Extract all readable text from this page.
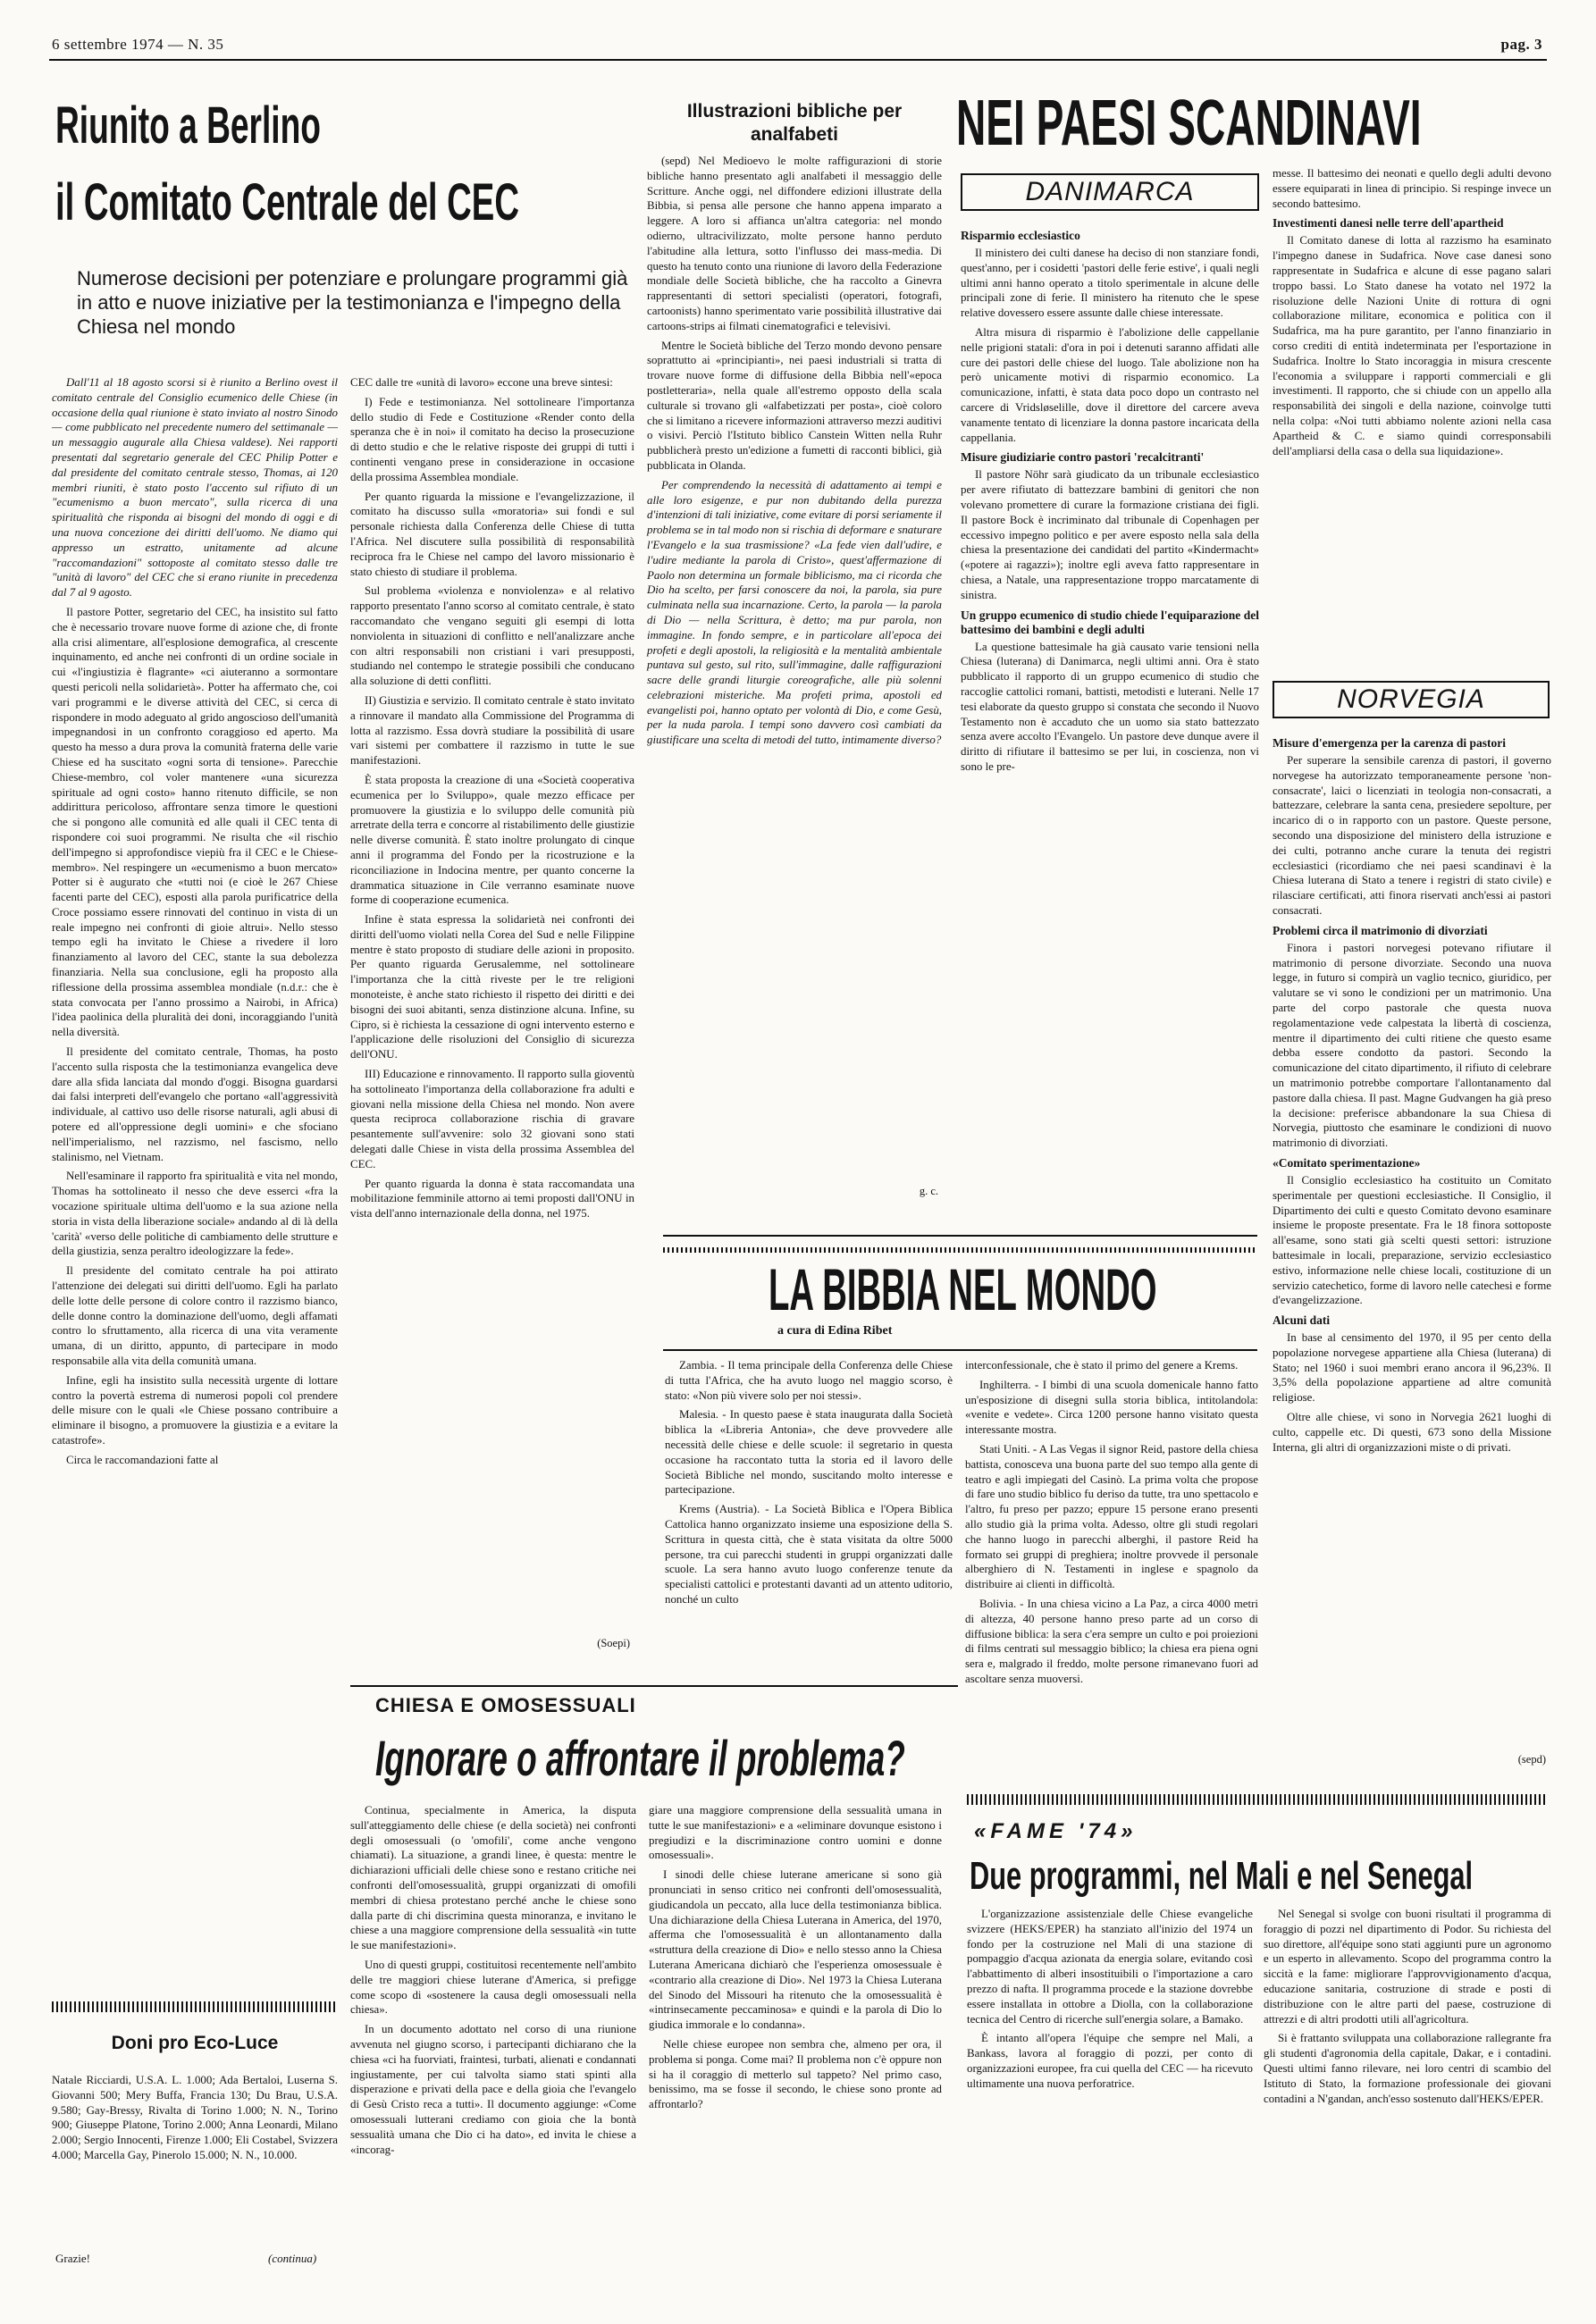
6 settembre 1974 — N. 35	pag. 3
Riunito a Berlino
il Comitato Centrale del CEC
Numerose decisioni per potenziare e prolungare programmi già in atto e nuove iniziative per la testimonianza e l'impegno della Chiesa nel mondo

Dall'11 al 18 agosto scorsi si è riunito a Berlino ovest il comitato centrale del Consiglio ecumenico delle Chiese (in occasione della qual riunione è stato inviato al nostro Sinodo — come pubblicato nel precedente numero del settimanale — un messaggio augurale alla Chiesa valdese). Nei rapporti presentati dal segretario generale del CEC Philip Potter e dal presidente del comitato centrale stesso, Thomas, ai 120 membri riuniti, è stato posto l'accento sul rifiuto di un "ecumenismo a buon mercato", sulla ricerca di una spiritualità che risponda ai bisogni del mondo di oggi e di una nuova concezione dei diritti dell'uomo. Ne diamo qui appresso un estratto, unitamente ad alcune "raccomandazioni" sottoposte al comitato stesso dalle tre "unità di lavoro" del CEC che si erano riunite in precedenza dal 7 al 9 agosto.

Il pastore Potter, segretario del CEC, ha insistito sul fatto che è necessario trovare nuove forme di azione che, di fronte alla crisi alimentare, all'esplosione demografica, al crescente inquinamento, ed anche nei confronti di un ordine sociale in cui «l'ingiustizia è flagrante» «ci aiuteranno a sormontare questi pericoli nella solidarietà». Potter ha affermato che, coi vari programmi e le diverse attività del CEC, si cerca di rispondere in modo adeguato al grido angoscioso dell'umanità impegnandosi in un confronto coraggioso ed aperto. Ma questo ha messo a dura prova la comunità fraterna delle varie Chiese ed ha suscitato «ogni sorta di tensione». Parecchie Chiese-membro, col voler mantenere «una sicurezza spirituale ad ogni costo» hanno ritenuto difficile, se non addirittura pericoloso, affrontare senza timore le questioni che si pongono alle comunità ed alle quali il CEC tenta di rispondere coi suoi programmi. Ne risulta che «il rischio dell'impegno si approfondisce viepiù fra il CEC e le Chiese-membro». Nel respingere un «ecumenismo a buon mercato» Potter si è augurato che «tutti noi (e cioè le 267 Chiese facenti parte del CEC), esposti alla parola purificatrice della Croce possiamo essere rinnovati del continuo in vista di un reale impegno nei confronti di gioie altrui». Nello stesso tempo egli ha invitato le Chiese a rivedere il loro finanziamento al lavoro del CEC, stante la sua debolezza finanziaria. Nella sua conclusione, egli ha proposto alla riflessione della prossima assemblea mondiale (n.d.r.: che è stata convocata per l'anno prossimo a Nairobi, in Africa) l'idea paolinica della pluralità dei doni, incoraggiando l'unità nella diversità.

Il presidente del comitato centrale, Thomas, ha posto l'accento sulla risposta che la testimonianza evangelica deve dare alla sfida lanciata dal mondo d'oggi. Bisogna guardarsi dai falsi interpreti dell'evangelo che portano «all'aggressività individuale, al cattivo uso delle risorse naturali, agli abusi di potere ed all'oppressione degli uomini» e che sfociano nell'imperialismo, nel razzismo, nel fascismo, nello stalinismo, nel Vietnam.

Nell'esaminare il rapporto fra spiritualità e vita nel mondo, Thomas ha sottolineato il nesso che deve esserci «fra la vocazione spirituale ultima dell'uomo e la sua azione nella storia in vista della liberazione sociale» andando al di là della 'carità' «verso delle politiche di cambiamento delle strutture e della giustizia, senza peraltro ideologizzare la fede».

Il presidente del comitato centrale ha poi attirato l'attenzione dei delegati sui diritti dell'uomo. Egli ha parlato delle lotte delle persone di colore contro il razzismo bianco, delle donne contro la dominazione dell'uomo, degli affamati contro lo sfruttamento, alla ricerca di una vita veramente umana, di un diritto, appunto, di partecipare in modo responsabile alla vita della comunità umana.

Infine, egli ha insistito sulla necessità urgente di lottare contro la povertà estrema di numerosi popoli col prendere delle misure con le quali «le Chiese possano contribuire a eliminare il bisogno, a promuovere la giustizia e a evitare la catastrofe».

Circa le raccomandazioni fatte al

CEC dalle tre «unità di lavoro» eccone una breve sintesi:

I) Fede e testimonianza. Nel sottolineare l'importanza dello studio di Fede e Costituzione «Render conto della speranza che è in noi» il comitato ha deciso la prosecuzione di detto studio e che le relative risposte dei gruppi di tutti i continenti vengano prese in considerazione in occasione della prossima Assemblea mondiale.

Per quanto riguarda la missione e l'evangelizzazione, il comitato ha discusso sulla «moratoria» sui fondi e sul personale richiesta dalla Conferenza delle Chiese di tutta l'Africa. Nel discutere sulla possibilità di responsabilità reciproca fra le Chiese nel campo del lavoro missionario è stato chiesto di studiare il problema.

Sul problema «violenza e nonviolenza» e al relativo rapporto presentato l'anno scorso al comitato centrale, è stato raccomandato che vengano seguiti gli esempi di lotta nonviolenta in situazioni di conflitto e nell'analizzare anche con altri responsabili non cristiani i vari presupposti, studiando nel contempo le strategie possibili che conducano alla soluzione di detti conflitti.

II) Giustizia e servizio. Il comitato centrale è stato invitato a rinnovare il mandato alla Commissione del Programma di lotta al razzismo. Essa dovrà studiare la possibilità di usare vari sistemi per combattere il razzismo in tutte le sue manifestazioni.

È stata proposta la creazione di una «Società cooperativa ecumenica per lo Sviluppo», quale mezzo efficace per promuovere la giustizia e lo sviluppo delle comunità più arretrate della terra e concorre al ristabilimento delle giustizie nelle diverse comunità. È stato inoltre prolungato di cinque anni il programma del Fondo per la ricostruzione e la riconciliazione in Indocina mentre, per quanto concerne la drammatica situazione in Cile verranno esaminate nuove forme di cooperazione ecumenica.

Infine è stata espressa la solidarietà nei confronti dei diritti dell'uomo violati nella Corea del Sud e nelle Filippine mentre è stato proposto di studiare delle azioni in proposito. Per quanto riguarda Gerusalemme, nel sottolineare l'importanza che la città riveste per le tre religioni monoteiste, è anche stato richiesto il rispetto dei diritti e dei bisogni dei suoi abitanti, senza distinzione alcuna. Infine, su Cipro, si è richiesta la cessazione di ogni intervento esterno e l'applicazione delle risoluzioni del Consiglio di sicurezza dell'ONU.

III) Educazione e rinnovamento. Il rapporto sulla gioventù ha sottolineato l'importanza della collaborazione fra adulti e giovani nella missione della Chiesa nel mondo. Non avere questa reciproca collaborazione rischia di gravare pesantemente sull'avvenire: solo 32 giovani sono stati delegati dalle Chiese in vista della prossima Assemblea del CEC.

Per quanto riguarda la donna è stata raccomandata una mobilitazione femminile attorno ai temi proposti dall'ONU in vista dell'anno internazionale della donna, nel 1975.

(Soepi)
Doni pro Eco-Luce

Natale Ricciardi, U.S.A. L. 1.000; Ada Bertaloi, Luserna S. Giovanni 500; Mery Buffa, Francia 130; Du Brau, U.S.A. 9.580; Gay-Bressy, Rivalta di Torino 1.000; N. N., Torino 900; Giuseppe Platone, Torino 2.000; Anna Leonardi, Milano 2.000; Sergio Innocenti, Firenze 1.000; Eli Costabel, Svizzera 4.000; Marcella Gay, Pinerolo 15.000; N. N., 10.000.

Grazie!	(continua)
Illustrazioni bibliche per analfabeti

(sepd) Nel Medioevo le molte raffigurazioni di storie bibliche hanno presentato agli analfabeti il messaggio delle Scritture. Anche oggi, nel diffondere edizioni illustrate della Bibbia, si pensa alle persone che hanno appena imparato a leggere. A loro si affianca un'altra categoria: nel mondo odierno, ultracivilizzato, molte persone hanno perduto l'abitudine alla lettura, sotto l'influsso dei mass-media. Di questo ha tenuto conto una riunione di lavoro della Federazione mondiale delle Società bibliche, che ha raccolto a Ginevra rappresentanti di settori specialisti (operatori, fotografi, cartoonists) hanno sperimentato varie possibilità illustrative dai cartoons-strips ai filmati cinematografici e televisivi.

Mentre le Società bibliche del Terzo mondo devono pensare soprattutto ai «principianti», nei paesi industriali si tratta di trovare nuove forme di diffusione della Bibbia nell'«epoca postletteraria», nella quale all'estremo opposto della scala culturale si trovano gli «alfabetizzati per posta», cioè coloro che si limitano a ricevere informazioni attraverso mezzi auditivi o visivi. Perciò l'Istituto biblico Canstein Witten nella Ruhr pubblicherà presto un'edizione a fumetti di racconti biblici, già pubblicata in Olanda.

Per comprendendo la necessità di adattamento ai tempi e alle loro esigenze, e pur non dubitando della purezza d'intenzioni di tali iniziative, come evitare di porsi seriamente il problema se in tal modo non si rischia di deformare e snaturare l'Evangelo e la sua trasmissione? «La fede vien dall'udire, e l'udire mediante la parola di Cristo», quest'affermazione di Paolo non determina un formale biblicismo, ma ci ricorda che Dio ha scelto, per farsi conoscere da noi, la parola, sia pure culminata nella sua incarnazione. Certo, la parola — la parola di Dio — nella Scrittura, è detto; ma pur parola, non immagine. In fondo sempre, e in particolare all'epoca dei profeti e degli apostoli, la religiosità e la mentalità ambientale puntava sul gesto, sul rito, sull'immagine, dalle raffigurazioni sacre delle grandi liturgie coreografiche, alle più solenni celebrazioni misteriche. Ma profeti prima, apostoli ed evangelisti poi, hanno optato per volontà di Dio, e come Gesù, per la nuda parola. I tempi sono davvero così cambiati da giustificare una scelta di metodi del tutto, intimamente diverso?

g. c.
NEI PAESI SCANDINAVI
DANIMARCA
Risparmio ecclesiastico

Il ministero dei culti danese ha deciso di non stanziare fondi, quest'anno, per i cosidetti 'pastori delle ferie estive', i quali negli ultimi anni hanno operato a titolo sperimentale in alcune delle principali zone di ferie. Il ministero ha ritenuto che le spese relative dovessero essere assunte dalle chiese interessate.

Altra misura di risparmio è l'abolizione delle cappellanie nelle prigioni statali: d'ora in poi i detenuti saranno affidati alle cure dei pastori delle chiese del luogo. Tale abolizione non ha però unicamente motivi di risparmio economico. La comunicazione, infatti, è stata data poco dopo un contrasto nel carcere di Vridsløselille, dove il direttore del carcere aveva vanamente tentato di licenziare la donna pastore incaricata della cappellania.

Misure giudiziarie contro pastori 'recalcitranti'

Il pastore Nöhr sarà giudicato da un tribunale ecclesiastico per avere rifiutato di battezzare bambini di genitori che non volevano promettere di curare la formazione cristiana dei figli. Il pastore Bock è incriminato dal tribunale di Copenhagen per eccessivo impegno politico e per avere esposto nella sala della chiesa la presentazione dei candidati del partito «Kindermacht» («potere ai ragazzi»); inoltre egli aveva fatto rappresentare in chiesa, a Natale, una rappresentazione troppo marcatamente di sinistra.

Un gruppo ecumenico di studio chiede l'equiparazione del battesimo dei bambini e degli adulti

La questione battesimale ha già causato varie tensioni nella Chiesa (luterana) di Danimarca, negli ultimi anni. Ora è stato pubblicato il rapporto di un gruppo ecumenico di studio che raccoglie cattolici romani, battisti, metodisti e luterani. Nelle 17 tesi elaborate da questo gruppo si constata che secondo il Nuovo Testamento non è accaduto che un uomo sia stato battezzato senza avere accolto l'Evangelo. Un pastore deve dunque avere il diritto di rifiutare il battesimo se per lui, in coscienza, non vi sono le pre-

messe. Il battesimo dei neonati e quello degli adulti devono essere equiparati in linea di principio. Si respinge invece un secondo battesimo.

Investimenti danesi nelle terre dell'apartheid

Il Comitato danese di lotta al razzismo ha esaminato l'impegno danese in Sudafrica. Nove case danesi sono rappresentate in Sudafrica e alcune di esse pagano salari troppo bassi. Lo Stato danese ha votato nel 1972 la risoluzione delle Nazioni Unite di rottura di ogni collaborazione militare, economica e politica con il Sudafrica, ma ha pure garantito, per l'anno finanziario in corso crediti di entità indeterminata per l'esportazione in Sudafrica. Inoltre lo Stato incoraggia in misura crescente l'economia a sviluppare i rapporti commerciali e gli investimenti. Il rapporto, che si chiude con un appello alla responsabilità dei singoli e della nazione, coinvolge tutti nella colpa: «Noi tutti abbiamo nolente azioni nella casa Apartheid & C. e siamo quindi corresponsabili dell'ampliarsi della casa o della sua liquidazione».

NORVEGIA
Misure d'emergenza per la carenza di pastori

Per superare la sensibile carenza di pastori, il governo norvegese ha autorizzato temporaneamente persone 'non-consacrate', laici o licenziati in teologia non-consacrati, a battezzare, celebrare la santa cena, presiedere sepolture, per incarico di o in rapporto con un pastore. Queste persone, secondo una disposizione del ministero della istruzione e dei culti, potranno anche curare la tenuta dei registri ecclesiastici (ricordiamo che nei paesi scandinavi è la Chiesa luterana di Stato a tenere i registri di stato civile) e rilasciare certificati, atti finora riservati anch'essi ai pastori consacrati.

Problemi circa il matrimonio di divorziati

Finora i pastori norvegesi potevano rifiutare il matrimonio di persone divorziate. Secondo una nuova legge, in futuro si compirà un vaglio tecnico, giuridico, per valutare se vi sono le condizioni per un matrimonio. Una parte del corpo pastorale che questa nuova regolamentazione vede calpestata la libertà di coscienza, mentre il dipartimento dei culti ritiene che questo esame debba essere condotto da pastori. Secondo la comunicazione del citato dipartimento, il rifiuto di celebrare un matrimonio potrebbe comportare l'allontanamento dal pastore dalla chiesa. Il past. Magne Gudvangen ha già preso la decisione: preferisce abbandonare la sua Chiesa di Norvegia, piuttosto che esaminare le condizioni di nuovo matrimonio di divorziati.

«Comitato sperimentazione»

Il Consiglio ecclesiastico ha costituito un Comitato sperimentale per questioni ecclesiastiche. Il Consiglio, il Dipartimento dei culti e questo Comitato devono esaminare insieme le proposte presentate. Fra le 18 finora sottoposte all'esame, sono stati già scelti questi settori: istruzione battesimale in locali, preparazione, servizio ecclesiastico estivo, informazione nelle chiese locali, costituzione di un servizio catechetico, forme di lavoro nelle catechesi e forme d'evangelizzazione.

Alcuni dati

In base al censimento del 1970, il 95 per cento della popolazione norvegese appartiene alla Chiesa (luterana) di Stato; nel 1960 i suoi membri erano ancora il 96,23%. Il 3,5% della popolazione appartiene ad altre comunità religiose.

Oltre alle chiese, vi sono in Norvegia 2621 luoghi di culto, cappelle etc. Di questi, 673 sono della Missione Interna, gli altri di organizzazioni miste o di privati.

(sepd)
LA BIBBIA NEL MONDO
a cura di Edina Ribet

Zambia. - Il tema principale della Conferenza delle Chiese di tutta l'Africa, che ha avuto luogo nel maggio scorso, è stato: «Non più vivere solo per noi stessi».

Malesia. - In questo paese è stata inaugurata dalla Società biblica la «Libreria Antonia», che deve provvedere alle necessità delle chiese e delle scuole: il segretario in questa occasione ha raccontato tutta la storia ed il lavoro delle Società Bibliche nel mondo, suscitando molto interesse e partecipazione.

Krems (Austria). - La Società Biblica e l'Opera Biblica Cattolica hanno organizzato insieme una esposizione della S. Scrittura in questa città, che è stata visitata da oltre 5000 persone, tra cui parecchi studenti in gruppi organizzati dalle scuole. La sera hanno avuto luogo conferenze tenute da specialisti cattolici e protestanti davanti ad un attento uditorio, nonché un culto

interconfessionale, che è stato il primo del genere a Krems.

Inghilterra. - I bimbi di una scuola domenicale hanno fatto un'esposizione di disegni sulla storia biblica, intitolandola: «venite e vedete». Circa 1200 persone hanno visitato questa interessante mostra.

Stati Uniti. - A Las Vegas il signor Reid, pastore della chiesa battista, conosceva una buona parte del suo tempo alla gente di teatro e agli impiegati del Casinò. La prima volta che propose di fare uno studio biblico fu deriso da tutte, tra uno spettacolo e l'altro, fu preso per pazzo; eppure 15 persone erano presenti allo studio già la prima volta. Adesso, oltre gli studi regolari che hanno luogo in parecchi alberghi, il pastore Reid ha formato sei gruppi di preghiera; inoltre provvede il personale alberghiero di N. Testamenti in inglese e spagnolo da distribuire ai clienti in difficoltà.

Bolivia. - In una chiesa vicino a La Paz, a circa 4000 metri di altezza, 40 persone hanno preso parte ad un corso di diffusione biblica: la sera c'era sempre un culto e poi proiezioni di films centrati sul messaggio biblico; la chiesa era piena ogni sera e, malgrado il freddo, molte persone rimanevano fuori ad ascoltare senza muoversi.

CHIESA E OMOSESSUALI
Ignorare o affrontare il problema?

Continua, specialmente in America, la disputa sull'atteggiamento delle chiese (e della società) nei confronti degli omosessuali (o 'omofili', come anche vengono chiamati). La situazione, a grandi linee, è questa: mentre le dichiarazioni ufficiali delle chiese sono e restano critiche nei confronti dell'omosessualità, gruppi organizzati di omofili membri di chiesa protestano perché anche le chiese sono dalla parte di chi discrimina questa minoranza, e invitano le chiese a una maggiore comprensione della sessualità «in tutte le sue manifestazioni».

Uno di questi gruppi, costituitosi recentemente nell'ambito delle tre maggiori chiese luterane d'America, si prefigge come scopo di «sostenere la causa degli omosessuali nella chiesa».

In un documento adottato nel corso di una riunione avvenuta nel giugno scorso, i partecipanti dichiarano che la chiesa «ci ha fuorviati, fraintesi, turbati, alienati e condannati ingiustamente, per cui talvolta siamo stati spinti alla disperazione e privati della pace e della gioia che l'evangelo di Gesù Cristo reca a tutti». Il documento aggiunge: «Come omosessuali lutterani crediamo con gioia che la bontà sessualità umana che Dio ci ha dato», ed invita le chiese a «incorag-

giare una maggiore comprensione della sessualità umana in tutte le sue manifestazioni» e a «eliminare dovunque esistono i pregiudizi e la discriminazione contro uomini e donne omosessuali».

I sinodi delle chiese luterane americane si sono già pronunciati in senso critico nei confronti dell'omosessualità, giudicandola un peccato, alla luce della testimonianza biblica. Una dichiarazione della Chiesa Luterana in America, del 1970, afferma che l'omosessualità è un allontanamento dalla «struttura della creazione di Dio» e nello stesso anno la Chiesa Luterana Americana dichiarò che l'esperienza omosessuale è «contrario alla creazione di Dio». Nel 1973 la Chiesa Luterana del Sinodo del Missouri ha ritenuto che la omosessualità è «intrinsecamente peccaminosa» e quindi e la parola di Dio lo giudica immorale e lo condanna».

Nelle chiese europee non sembra che, almeno per ora, il problema si ponga. Come mai? Il problema non c'è oppure non si ha il coraggio di metterlo sul tappeto? Nel primo caso, benissimo, ma se fosse il secondo, le chiese sono pronte ad affrontarlo?

«FAME '74»
Due programmi, nel Mali e nel Senegal

L'organizzazione assistenziale delle Chiese evangeliche svizzere (HEKS/EPER) ha stanziato all'inizio del 1974 un fondo per la costruzione nel Mali di una stazione di pompaggio d'acqua azionata da energia solare, evitando così l'abbattimento di alberi insostituibili o l'importazione a caro prezzo di nafta. Il programma procede e la stazione dovrebbe essere installata in ottobre a Diolla, con la collaborazione tecnica del Centro di ricerche sull'energia solare, a Bamako.

È intanto all'opera l'équipe che sempre nel Mali, a Bankass, lavora al foraggio di pozzi, per conto di organizzazioni europee, fra cui quella del CEC — ha ricevuto ultimamente una nuova perforatrice.

Nel Senegal si svolge con buoni risultati il programma di foraggio di pozzi nel dipartimento di Podor. Su richiesta del suo direttore, all'équipe sono stati aggiunti pure un agronomo e un esperto in allevamento. Scopo del programma contro la siccità e la fame: migliorare l'approvvigionamento d'acqua, educazione sanitaria, costruzione di strade e posti di distribuzione con le altre parti del paese, costruzione di attrezzi e di altri prodotti utili all'agricoltura.

Si è frattanto sviluppata una collaborazione rallegrante fra gli studenti d'agronomia della capitale, Dakar, e i contadini. Questi ultimi fanno rilevare, nei loro centri di scambio del Istituto di Stato, la formazione professionale dei giovani contadini a N'gandan, anch'esso sostenuto dall'HEKS/EPER.
